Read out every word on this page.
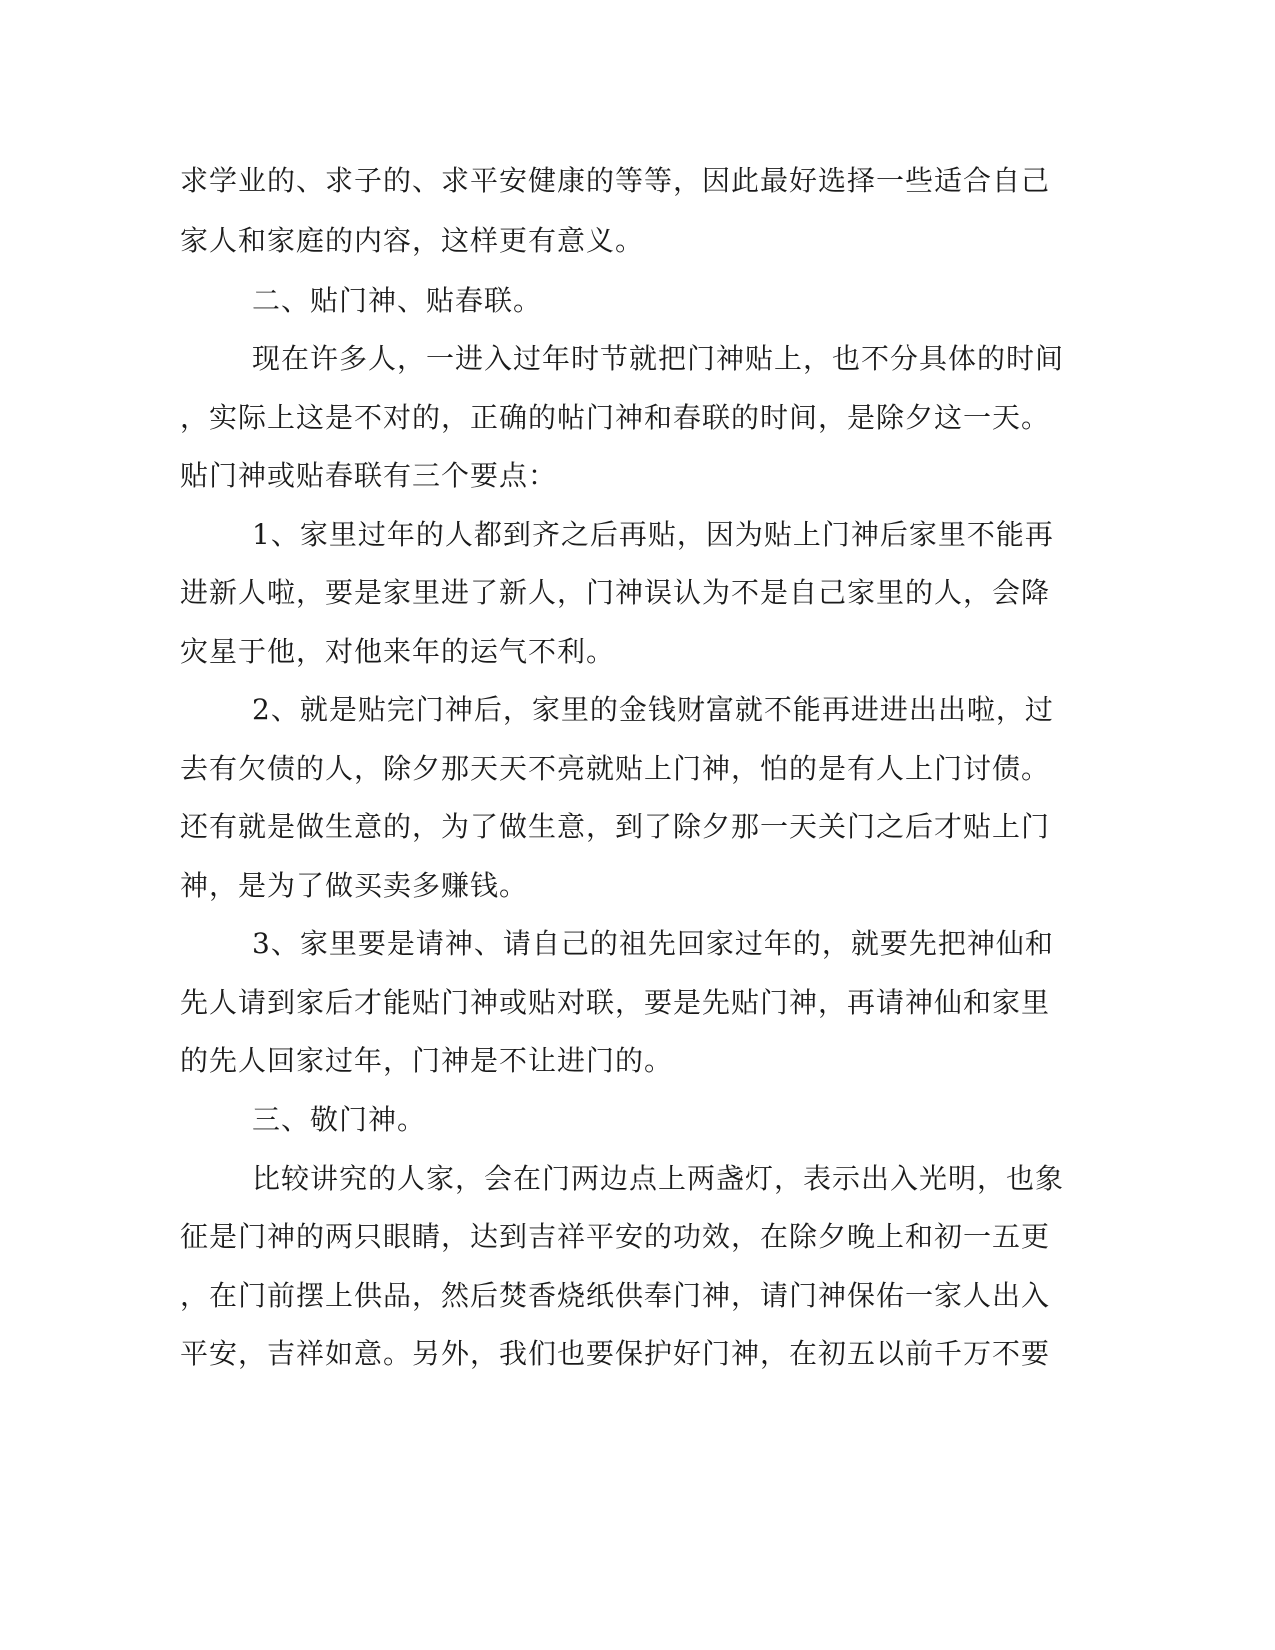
求学业的、求子的、求平安健康的等等，因此最好选择一些适合自己
家人和家庭的内容，这样更有意义。
二、贴门神、贴春联。
现在许多人，一进入过年时节就把门神贴上，也不分具体的时间
，实际上这是不对的，正确的帖门神和春联的时间，是除夕这一天。
贴门神或贴春联有三个要点：
1、家里过年的人都到齐之后再贴，因为贴上门神后家里不能再
进新人啦，要是家里进了新人，门神误认为不是自己家里的人，会降
灾星于他，对他来年的运气不利。
2、就是贴完门神后，家里的金钱财富就不能再进进出出啦，过
去有欠债的人，除夕那天天不亮就贴上门神，怕的是有人上门讨债。
还有就是做生意的，为了做生意，到了除夕那一天关门之后才贴上门
神，是为了做买卖多赚钱。
3、家里要是请神、请自己的祖先回家过年的，就要先把神仙和
先人请到家后才能贴门神或贴对联，要是先贴门神，再请神仙和家里
的先人回家过年，门神是不让进门的。
三、敬门神。
比较讲究的人家，会在门两边点上两盏灯，表示出入光明，也象
征是门神的两只眼睛，达到吉祥平安的功效，在除夕晚上和初一五更
，在门前摆上供品，然后焚香烧纸供奉门神，请门神保佑一家人出入
平安，吉祥如意。另外，我们也要保护好门神，在初五以前千万不要
